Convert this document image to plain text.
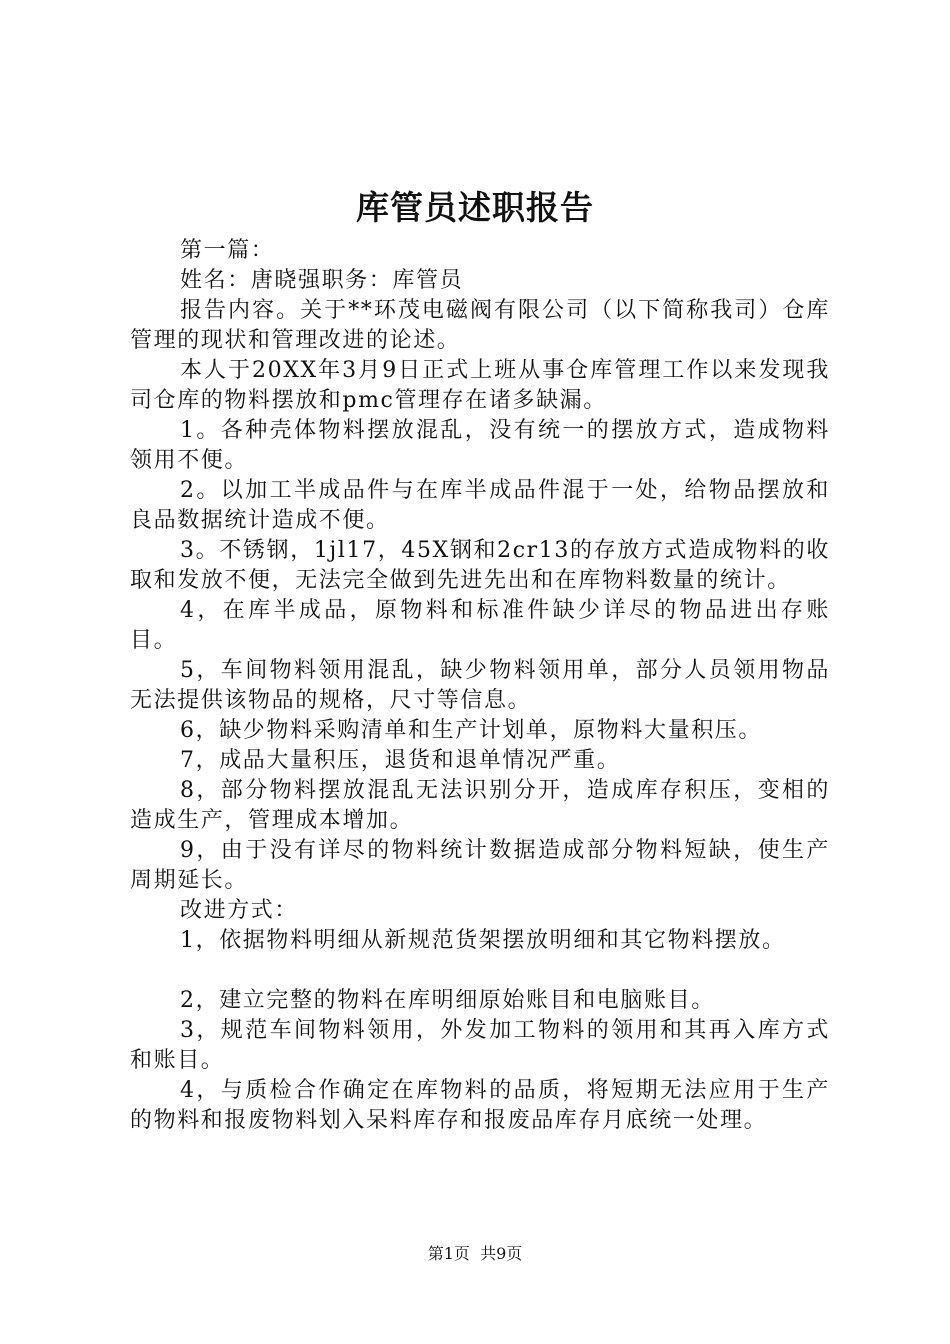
库管员述职报告

第一篇：

姓名：唐晓强职务：库管员

报告内容。关于**环茂电磁阀有限公司（以下简称我司）仓库管理的现状和管理改进的论述。

本人于20XX年3月9日正式上班从事仓库管理工作以来发现我司仓库的物料摆放和pmc管理存在诸多缺漏。

1。各种壳体物料摆放混乱，没有统一的摆放方式，造成物料领用不便。

2。以加工半成品件与在库半成品件混于一处，给物品摆放和良品数据统计造成不便。

3。不锈钢，1jl17，45X钢和2cr13的存放方式造成物料的收取和发放不便，无法完全做到先进先出和在库物料数量的统计。

4，在库半成品，原物料和标准件缺少详尽的物品进出存账目。

5，车间物料领用混乱，缺少物料领用单，部分人员领用物品无法提供该物品的规格，尺寸等信息。

6，缺少物料采购清单和生产计划单，原物料大量积压。

7，成品大量积压，退货和退单情况严重。

8，部分物料摆放混乱无法识别分开，造成库存积压，变相的造成生产，管理成本增加。

9，由于没有详尽的物料统计数据造成部分物料短缺，使生产周期延长。

改进方式：

1，依据物料明细从新规范货架摆放明细和其它物料摆放。

2，建立完整的物料在库明细原始账目和电脑账目。

3，规范车间物料领用，外发加工物料的领用和其再入库方式和账目。

4，与质检合作确定在库物料的品质，将短期无法应用于生产的物料和报废物料划入呆料库存和报废品库存月底统一处理。

第1页  共9页
